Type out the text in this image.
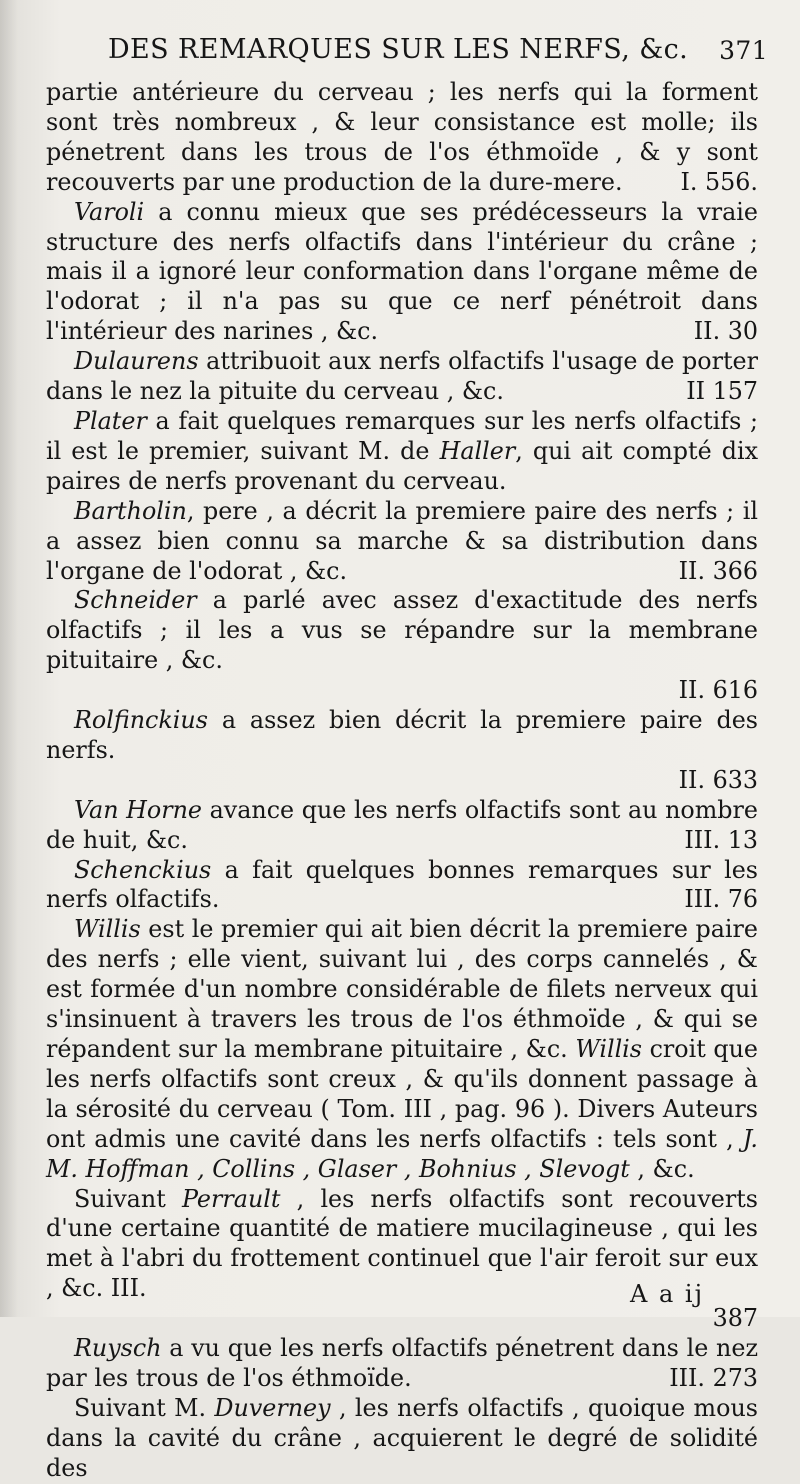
DES REMARQUES SUR LES NERFS, &c. 371

partie antérieure du cerveau ; les nerfs qui la forment sont très nombreux , & leur consistance est molle; ils pénetrent dans les trous de l'os éthmoïde , & y sont recouverts par une production de la dure-mere. I. 556.

Varoli a connu mieux que ses prédécesseurs la vraie structure des nerfs olfactifs dans l'intérieur du crâne ; mais il a ignoré leur conformation dans l'organe même de l'odorat ; il n'a pas su que ce nerf pénétroit dans l'intérieur des narines , &c.	II. 30

Dulaurens attribuoit aux nerfs olfactifs l'usage de porter dans le nez la pituite du cerveau , &c.	II 157

Plater a fait quelques remarques sur les nerfs olfactifs ; il est le premier, suivant M. de Haller, qui ait compté dix paires de nerfs provenant du cerveau.

Bartholin, pere , a décrit la premiere paire des nerfs ; il a assez bien connu sa marche & sa distribution dans l'organe de l'odorat , &c.	II. 366

Schneider a parlé avec assez d'exactitude des nerfs olfactifs ; il les a vus se répandre sur la membrane pituitaire , &c.
II. 616

Rolfinckius a assez bien décrit la premiere paire des nerfs.
II. 633

Van Horne avance que les nerfs olfactifs sont au nombre de huit, &c.	III. 13

Schenckius a fait quelques bonnes remarques sur les nerfs olfactifs.	III. 76

Willis est le premier qui ait bien décrit la premiere paire des nerfs ; elle vient, suivant lui , des corps cannelés , & est formée d'un nombre considérable de filets nerveux qui s'insinuent à travers les trous de l'os éthmoïde , & qui se répandent sur la membrane pituitaire , &c. Willis croit que les nerfs olfactifs sont creux , & qu'ils donnent passage à la sérosité du cerveau ( Tom. III , pag. 96 ). Divers Auteurs ont admis une cavité dans les nerfs olfactifs : tels sont , J. M. Hoffman , Collins , Glaser , Bohnius , Slevogt , &c.

Suivant Perrault , les nerfs olfactifs sont recouverts d'une certaine quantité de matiere mucilagineuse , qui les met à l'abri du frottement continuel que l'air feroit sur eux , &c. III.
387

Ruysch a vu que les nerfs olfactifs pénetrent dans le nez par les trous de l'os éthmoïde.	III. 273

Suivant M. Duverney , les nerfs olfactifs , quoique mous dans la cavité du crâne , acquierent le degré de solidité des

A a ij
